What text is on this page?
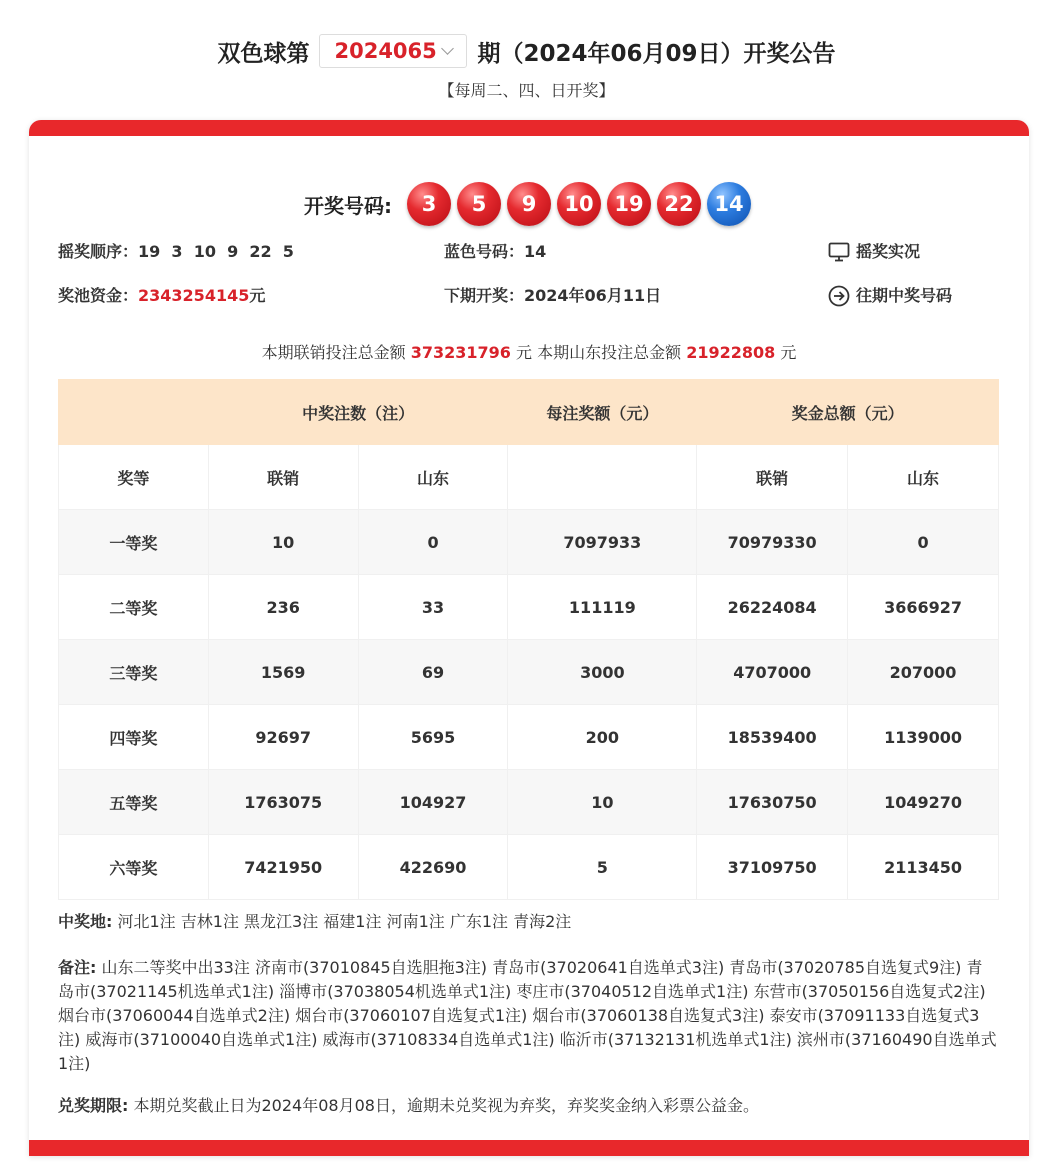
双色球第 2024065 期（2024年06月09日）开奖公告
【每周二、四、日开奖】
开奖号码:	3	5	9	10 19 22 14
摇奖顺序：19  3  10  9  22  5	蓝色号码：14	摇奖实况
奖池资金：2343254145元	下期开奖：2024年06月11日	往期中奖号码
本期联销投注总金额 373231796 元 本期山东投注总金额 21922808 元
	中奖注数（注）		每注奖额（元）	奖金总额（元）	
奖等	联销	山东		联销	山东
一等奖	10	0	7097933	70979330	0
二等奖	236	33	111119	26224084	3666927
三等奖	1569	69	3000	4707000	207000
四等奖	92697	5695	200	18539400	1139000
五等奖	1763075	104927	10	17630750	1049270
六等奖	7421950	422690	5	37109750	2113450
中奖地: 河北1注 吉林1注 黑龙江3注 福建1注 河南1注 广东1注 青海2注
备注: 山东二等奖中出33注 济南市(37010845自选胆拖3注) 青岛市(37020641自选单式3注) 青岛市(37020785自选复式9注) 青岛市(37021145机选单式1注) 淄博市(37038054机选单式1注) 枣庄市(37040512自选单式1注) 东营市(37050156自选复式2注) 烟台市(37060044自选单式2注) 烟台市(37060107自选复式1注) 烟台市(37060138自选复式3注) 泰安市(37091133自选复式3注) 威海市(37100040自选单式1注) 威海市(37108334自选单式1注) 临沂市(37132131机选单式1注) 滨州市(37160490自选单式1注)
兑奖期限: 本期兑奖截止日为2024年08月08日，逾期未兑奖视为弃奖，弃奖奖金纳入彩票公益金。
